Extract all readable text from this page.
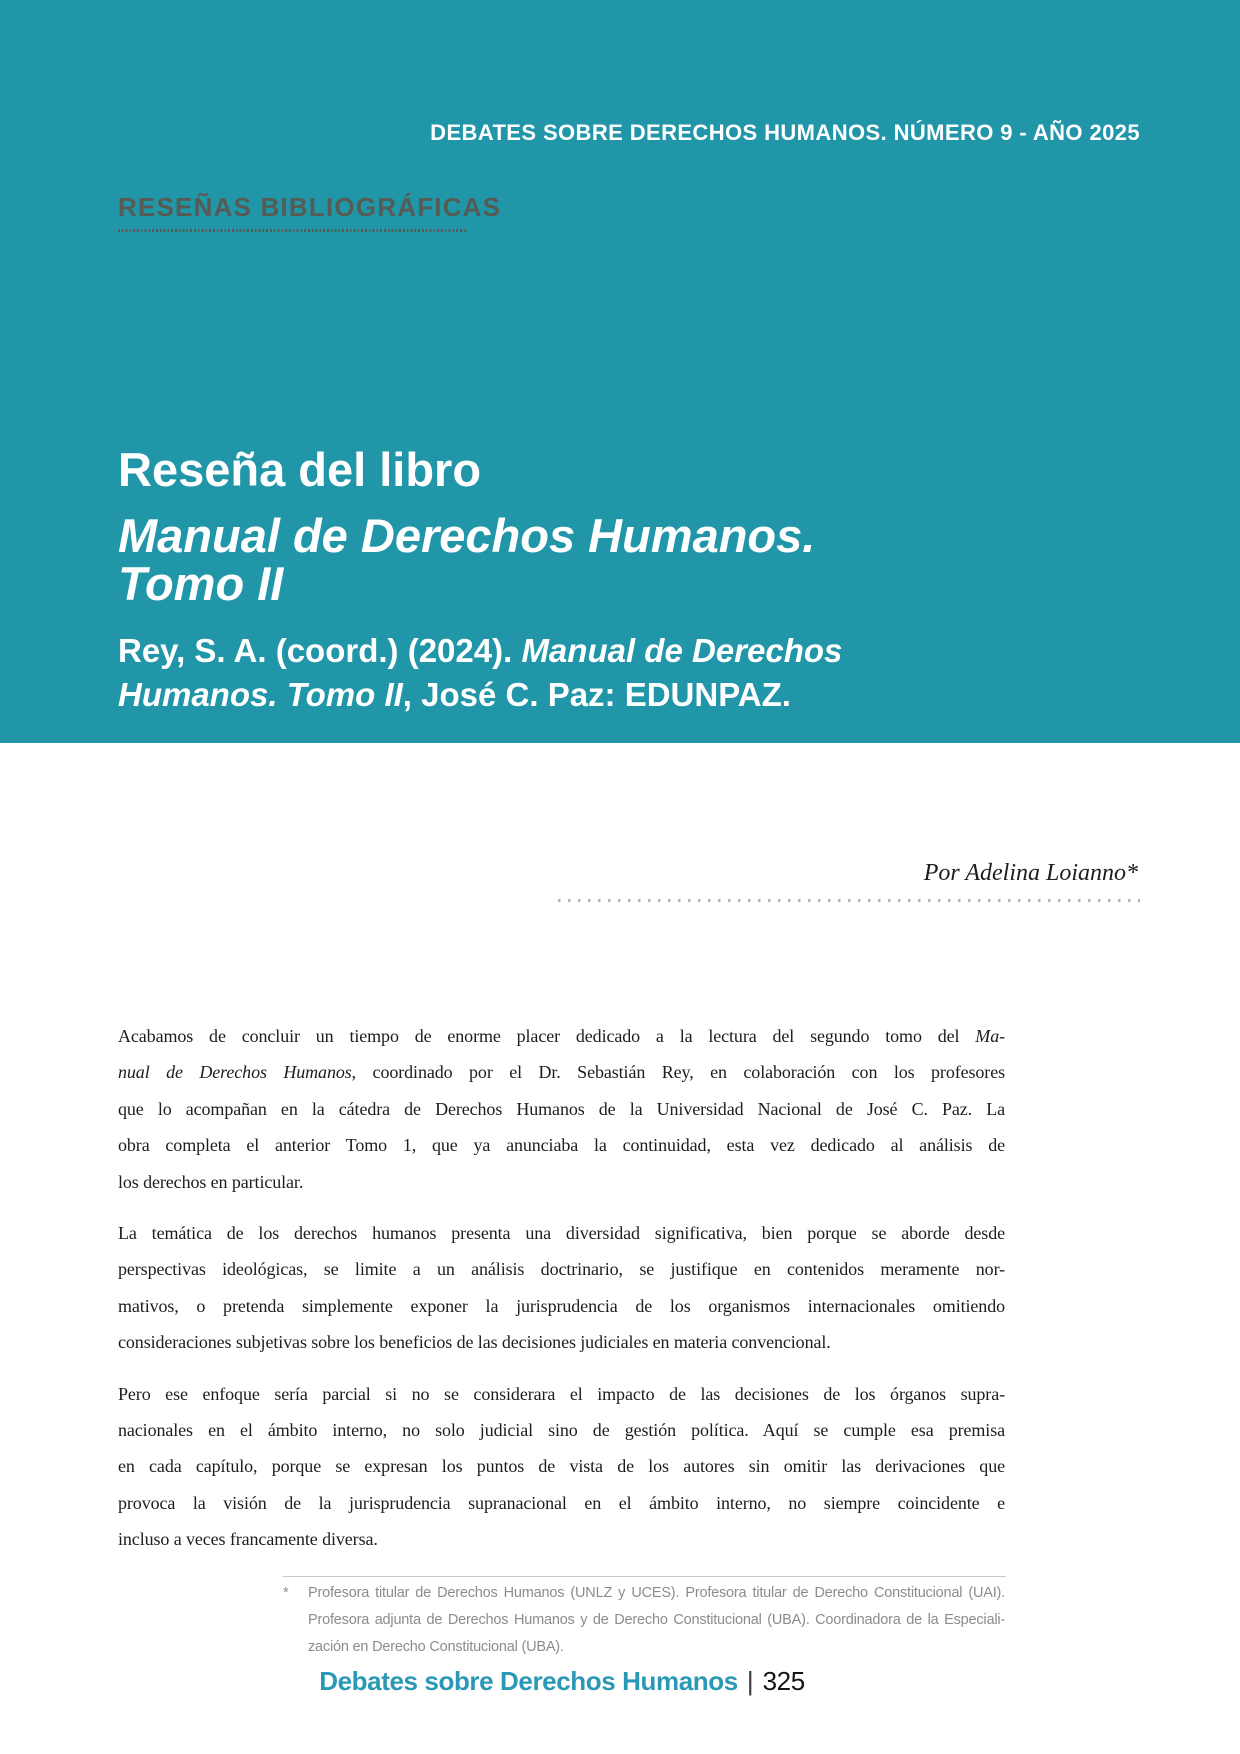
DEBATES SOBRE DERECHOS HUMANOS. NÚMERO 9 - AÑO 2025
RESEÑAS BIBLIOGRÁFICAS
Reseña del libro
Manual de Derechos Humanos.
Tomo II
Rey, S. A. (coord.) (2024). Manual de Derechos
Humanos. Tomo II, José C. Paz: EDUNPAZ.
Por Adelina Loianno*
Acabamos de concluir un tiempo de enorme placer dedicado a la lectura del segundo tomo del Ma-
nual de Derechos Humanos, coordinado por el Dr. Sebastián Rey, en colaboración con los profesores
que lo acompañan en la cátedra de Derechos Humanos de la Universidad Nacional de José C. Paz. La
obra completa el anterior Tomo 1, que ya anunciaba la continuidad, esta vez dedicado al análisis de
los derechos en particular.
La temática de los derechos humanos presenta una diversidad significativa, bien porque se aborde desde
perspectivas ideológicas, se limite a un análisis doctrinario, se justifique en contenidos meramente nor-
mativos, o pretenda simplemente exponer la jurisprudencia de los organismos internacionales omitiendo
consideraciones subjetivas sobre los beneficios de las decisiones judiciales en materia convencional.
Pero ese enfoque sería parcial si no se considerara el impacto de las decisiones de los órganos supra-
nacionales en el ámbito interno, no solo judicial sino de gestión política. Aquí se cumple esa premisa
en cada capítulo, porque se expresan los puntos de vista de los autores sin omitir las derivaciones que
provoca la visión de la jurisprudencia supranacional en el ámbito interno, no siempre coincidente e
incluso a veces francamente diversa.
* Profesora titular de Derechos Humanos (UNLZ y UCES). Profesora titular de Derecho Constitucional (UAI).
Profesora adjunta de Derechos Humanos y de Derecho Constitucional (UBA). Coordinadora de la Especiali-
zación en Derecho Constitucional (UBA).
Debates sobre Derechos Humanos | 325
